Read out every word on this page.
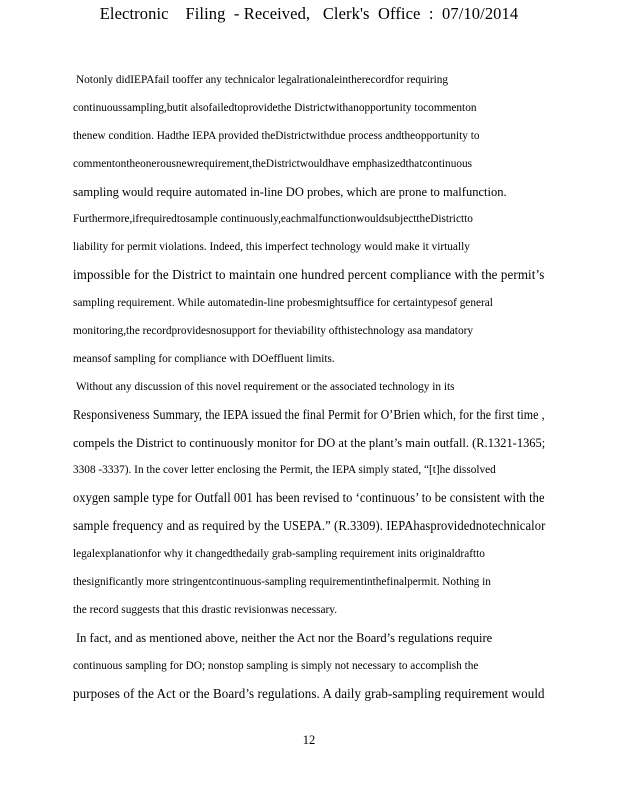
Electronic    Filing  - Received,   Clerk's  Office  :  07/10/2014
Notonly didIEPAfail tooffer any technicalor legalrationaleintherecordfor requiring
continuoussampling,butit alsofailedtoprovidethe Districtwithanopportunity tocommenton
thenew condition. Hadthe IEPA provided theDistrictwithdue process andtheopportunity to
commentontheonerousnewrequirement,theDistrictwouldhave emphasizedthatcontinuous
sampling would require automated in-line DO probes, which are prone to malfunction.
Furthermore,ifrequiredtosample continuously,eachmalfunctionwouldsubjecttheDistrictto
liability for permit violations. Indeed, this imperfect technology would make it virtually
impossible for the District to maintain one hundred percent compliance with the permit’s
sampling requirement. While automatedin-line probesmightsuffice for certaintypesof general
monitoring,the recordprovidesnosupport for theviability ofthistechnology asa mandatory
meansof sampling for compliance with DOeffluent limits.
Without any discussion of this novel requirement or the associated technology in its
Responsiveness Summary, the IEPA issued the final Permit for O’Brien which, for the first time ,
compels the District to continuously monitor for DO at the plant’s main outfall. (R.1321-1365;
3308 -3337). In the cover letter enclosing the Permit, the IEPA simply stated, “[t]he dissolved
oxygen sample type for Outfall 001 has been revised to ‘continuous’ to be consistent with the
sample frequency and as required by the USEPA.” (R.3309). IEPAhasprovidednotechnicalor
legalexplanationfor why it changedthedaily grab-sampling requirement inits originaldraftto
thesignificantly more stringentcontinuous-sampling requirementinthefinalpermit. Nothing in
the record suggests that this drastic revisionwas necessary.
In fact, and as mentioned above, neither the Act nor the Board’s regulations require
continuous sampling for DO; nonstop sampling is simply not necessary to accomplish the
purposes of the Act or the Board’s regulations. A daily grab-sampling requirement would
12
